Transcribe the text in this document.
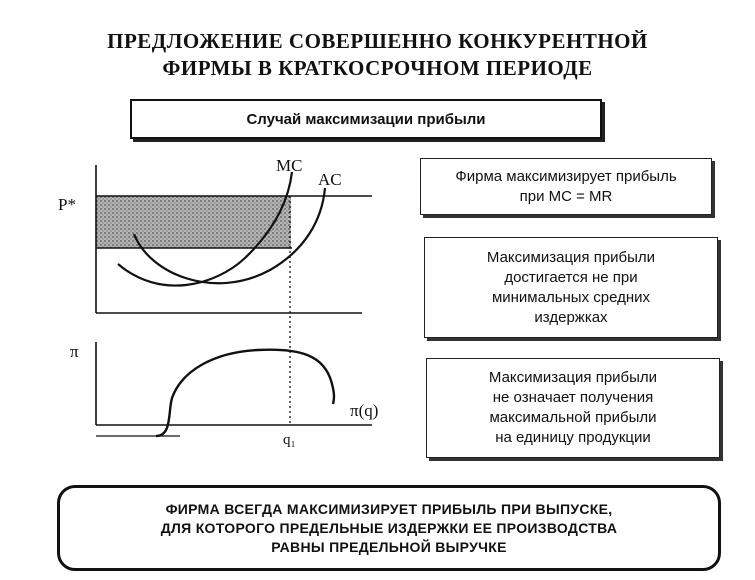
ПРЕДЛОЖЕНИЕ СОВЕРШЕННО КОНКУРЕНТНОЙ
ФИРМЫ В КРАТКОСРОЧНОМ ПЕРИОДЕ
Случай максимизации прибыли
P*
MC
AC
π
π(q)
q₁
Фирма максимизирует прибыль
при МС = MR
Максимизация прибыли
достигается не при
минимальных средних
издержках
Максимизация прибыли
не означает получения
максимальной прибыли
на единицу продукции
ФИРМА ВСЕГДА МАКСИМИЗИРУЕТ ПРИБЫЛЬ ПРИ ВЫПУСКЕ,
ДЛЯ КОТОРОГО ПРЕДЕЛЬНЫЕ ИЗДЕРЖКИ ЕЕ ПРОИЗВОДСТВА
РАВНЫ ПРЕДЕЛЬНОЙ ВЫРУЧКЕ
